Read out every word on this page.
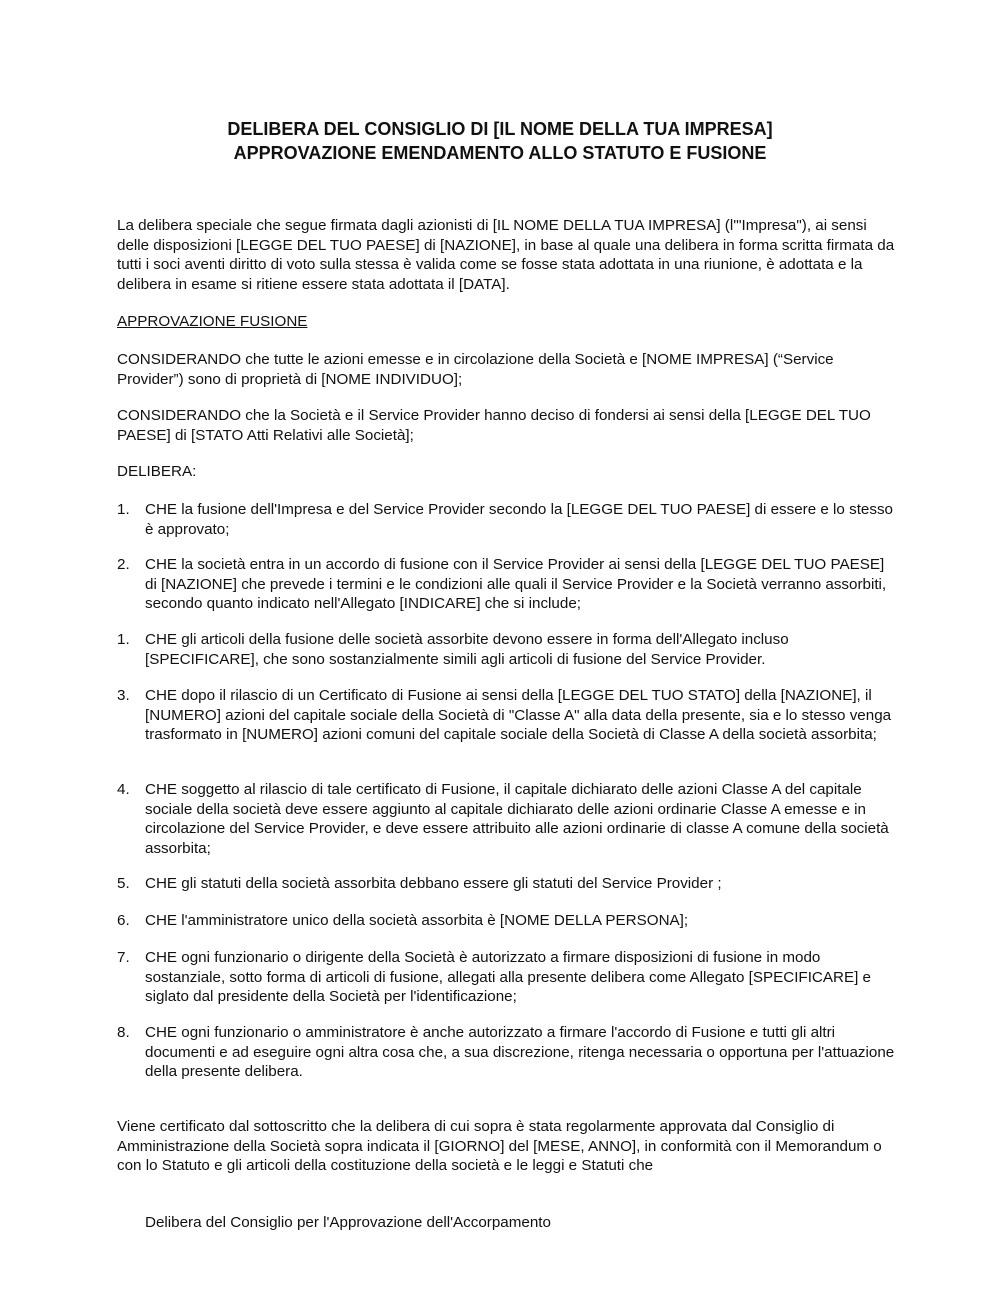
DELIBERA DEL CONSIGLIO DI [IL NOME DELLA TUA IMPRESA]
APPROVAZIONE EMENDAMENTO ALLO STATUTO E FUSIONE
La delibera speciale che segue firmata dagli azionisti di [IL NOME DELLA TUA IMPRESA] (l'"Impresa"), ai sensi delle disposizioni [LEGGE DEL TUO PAESE] di [NAZIONE], in base al quale una delibera in forma scritta firmata da tutti i soci aventi diritto di voto sulla stessa è valida come se fosse stata adottata in una riunione, è adottata e la delibera in esame si ritiene essere stata adottata il [DATA].
APPROVAZIONE FUSIONE
CONSIDERANDO che tutte le azioni emesse e in circolazione della Società e [NOME IMPRESA] (“Service Provider”) sono di proprietà di [NOME INDIVIDUO];
CONSIDERANDO che la Società e il Service Provider hanno deciso di fondersi ai sensi della [LEGGE DEL TUO PAESE] di [STATO Atti Relativi alle Società];
DELIBERA:
1.	CHE la fusione dell'Impresa e del Service Provider secondo la [LEGGE DEL TUO PAESE] di essere e lo stesso è approvato;
2.	CHE la società entra in un accordo di fusione con il Service Provider ai sensi della [LEGGE DEL TUO PAESE] di [NAZIONE] che prevede i termini e le condizioni alle quali il Service Provider e la Società verranno assorbiti, secondo quanto indicato nell'Allegato [INDICARE] che si include;
1.	CHE gli articoli della fusione delle società assorbite devono essere in forma dell'Allegato incluso [SPECIFICARE], che sono sostanzialmente simili agli articoli di fusione del Service Provider.
3.	CHE dopo il rilascio di un Certificato di Fusione ai sensi della [LEGGE DEL TUO STATO] della [NAZIONE], il [NUMERO] azioni del capitale sociale della Società di "Classe A" alla data della presente, sia e lo stesso venga trasformato in [NUMERO] azioni comuni del capitale sociale della Società di Classe A della società assorbita;
4.	CHE soggetto al rilascio di tale certificato di Fusione, il capitale dichiarato delle azioni Classe A del capitale sociale della società deve essere aggiunto al capitale dichiarato delle azioni ordinarie Classe A emesse e in circolazione del Service Provider, e deve essere attribuito alle azioni ordinarie di classe A comune della società assorbita;
5.	CHE gli statuti della società assorbita debbano essere gli statuti del Service Provider ;
6.	CHE l'amministratore unico della società assorbita è [NOME DELLA PERSONA];
7.	CHE ogni funzionario o dirigente della Società è autorizzato a firmare disposizioni di fusione in modo sostanziale, sotto forma di articoli di fusione, allegati alla presente delibera come Allegato [SPECIFICARE] e siglato dal presidente della Società per l'identificazione;
8.	CHE ogni funzionario o amministratore è anche autorizzato a firmare l'accordo di Fusione e tutti gli altri documenti e ad eseguire ogni altra cosa che, a sua discrezione, ritenga necessaria o opportuna per l'attuazione della presente delibera.
Viene certificato dal sottoscritto che la delibera di cui sopra è stata regolarmente approvata dal Consiglio di Amministrazione della Società sopra indicata il [GIORNO] del [MESE, ANNO], in conformità con il Memorandum o con lo Statuto e gli articoli della costituzione della società e le leggi e Statuti che
Delibera del Consiglio per l'Approvazione dell'Accorpamento
